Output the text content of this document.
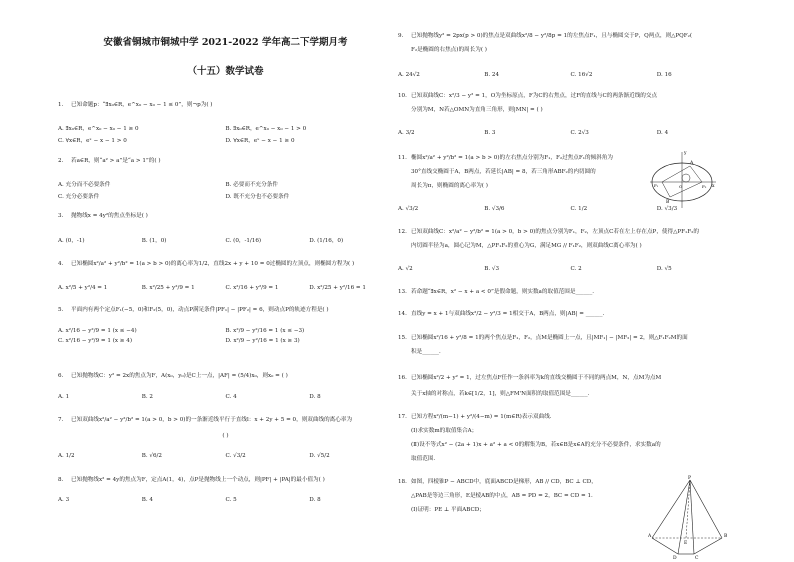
安徽省铜城市铜城中学 2021-2022 学年高二下学期月考
（十五）数学试卷
1. 已知命题p：“∃x₀∈R，e^x₀ − x₀ − 1 ≤ 0”，则¬p为( )
A. ∃x₀∈R，e^x₀ − x₀ − 1 ≥ 0	B. ∃x₀∈R，e^x₀ − x₀ − 1 > 0
C. ∀x∈R，eˣ − x − 1 > 0	D. ∀x∈R，eˣ − x − 1 ≥ 0
2. 若a∈R，则“a² > a”是“a > 1”的( )
A. 充分而不必要条件	B. 必要而不充分条件
C. 充分必要条件	D. 既不充分也不必要条件
3. 抛物线x = 4y²的焦点坐标是( )
A. (0，-1)	B. (1，0)	C. (0，-1/16)	D. (1/16，0)
4. 已知椭圆x²/a² + y²/b² = 1(a > b > 0)的离心率为1/2，直线2x + y + 10 = 0过椭圆的左顶点，则椭圆方程为( )
A. x²/5 + y²/4 = 1	B. x²/25 + y²/9 = 1	C. x²/16 + y²/9 = 1	D. x²/25 + y²/16 = 1
5. 平面内有两个定点F₁(−5，0)和F₂(5，0)，动点P满足条件|PF₁| − |PF₂| = 6，则动点P的轨迹方程是( )
A. x²/16 − y²/9 = 1 (x ≤ −4)	B. x²/9 − y²/16 = 1 (x ≤ −3)
C. x²/16 − y²/9 = 1 (x ≥ 4)	D. x²/9 − y²/16 = 1 (x ≥ 3)
6. 已知抛物线C：y² = 2x的焦点为F，A(x₀，y₀)是C上一点，|AF| = (5/4)x₀，则x₀ = ( )
A. 1	B. 2	C. 4	D. 8
7. 已知双曲线x²/a² − y²/b² = 1(a > 0，b > 0)的一条渐近线平行于直线l：x + 2y + 5 = 0，则双曲线的离心率为
( )
A. 1/2	B. √6/2	C. √3/2	D. √5/2
8. 已知抛物线x² = 4y的焦点为F，定点A(1，4)，点P是抛物线上一个动点，则|PF| + |PA|的最小值为( )
A. 3	B. 4	C. 5	D. 8
9. 已知抛物线y² = 2px(p > 0)的焦点是双曲线x²/8 − y²/8p = 1的左焦点F₁，且与椭圆交于P，Q两点，则△PQF₂(
F₂是椭圆的右焦点)的周长为( )
A. 24√2	B. 24	C. 16√2	D. 16
10. 已知双曲线C：x²/3 − y² = 1，O为坐标原点，F为C的右焦点，过F的直线与C的两条渐近线的交点
分别为M，N若△OMN为直角三角形，则|MN| = ( )
A. 3/2	B. 3	C. 2√3	D. 4
11. 椭圆x²/a² + y²/b² = 1(a > b > 0)的左右焦点分别为F₁，F₂过焦点F₁的倾斜角为
30°直线交椭圆于A，B两点，若延长|AB| = 8，若三角形ABF₂的内切圆的
周长为π，则椭圆的离心率为( )
A. √3/2	B. √3/6	C. 1/2	D. √3/3
y
x
A
B
F₁	F₂
O
12. 已知双曲线C：x²/a² − y²/b² = 1(a > 0，b > 0)的焦点分别为F₁，F₂，左顶点C若在左上存在点P，使得△PF₁F₂的
内切圆半径为a，圆心记为M，△PF₁F₂的重心为G，满足MG // F₁F₂，则双曲线C离心率为( )
A. √2	B. √3	C. 2	D. √5
13. 若命题“∃x∈R，x² − x + a < 0”是假命题，则实数a的取值范围是______.
14. 直线y = x + 1与双曲线x²/2 − y²/3 = 1相交于A，B两点，则|AB| = ______.
15. 已知椭圆x²/16 + y²/8 = 1的两个焦点是F₁，F₂，点M是椭圆上一点，且|MF₁| − |MF₂| = 2，则△F₁F₂M的面
积是______.
16. 已知椭圆x²/2 + y² = 1，过左焦点F任作一条斜率为k的直线交椭圆于不同的两点M，N，点M为点M
关于x轴的对称点，若k∈[1/2，1]，则△FM'N面积的取值范围是______.
17. 已知方程x²/(m−1) + y²/(4−m) = 1(m∈R)表示双曲线.
(Ⅰ)求实数m的取值集合A；
(Ⅱ)设不等式x² − (2a + 1)x + a² + a < 0的解集为B，若x∈B是x∈A的充分不必要条件，求实数a的
取值范围.
18. 如图，四棱锥P − ABCD中，底面ABCD是梯形，AB // CD，BC ⊥ CD，
△PAB是等边三角形，E是棱AB的中点，AB = PD = 2，BC = CD = 1.
(Ⅰ)证明：PE ⊥ 平面ABCD；
P
A	B
C
D
E
